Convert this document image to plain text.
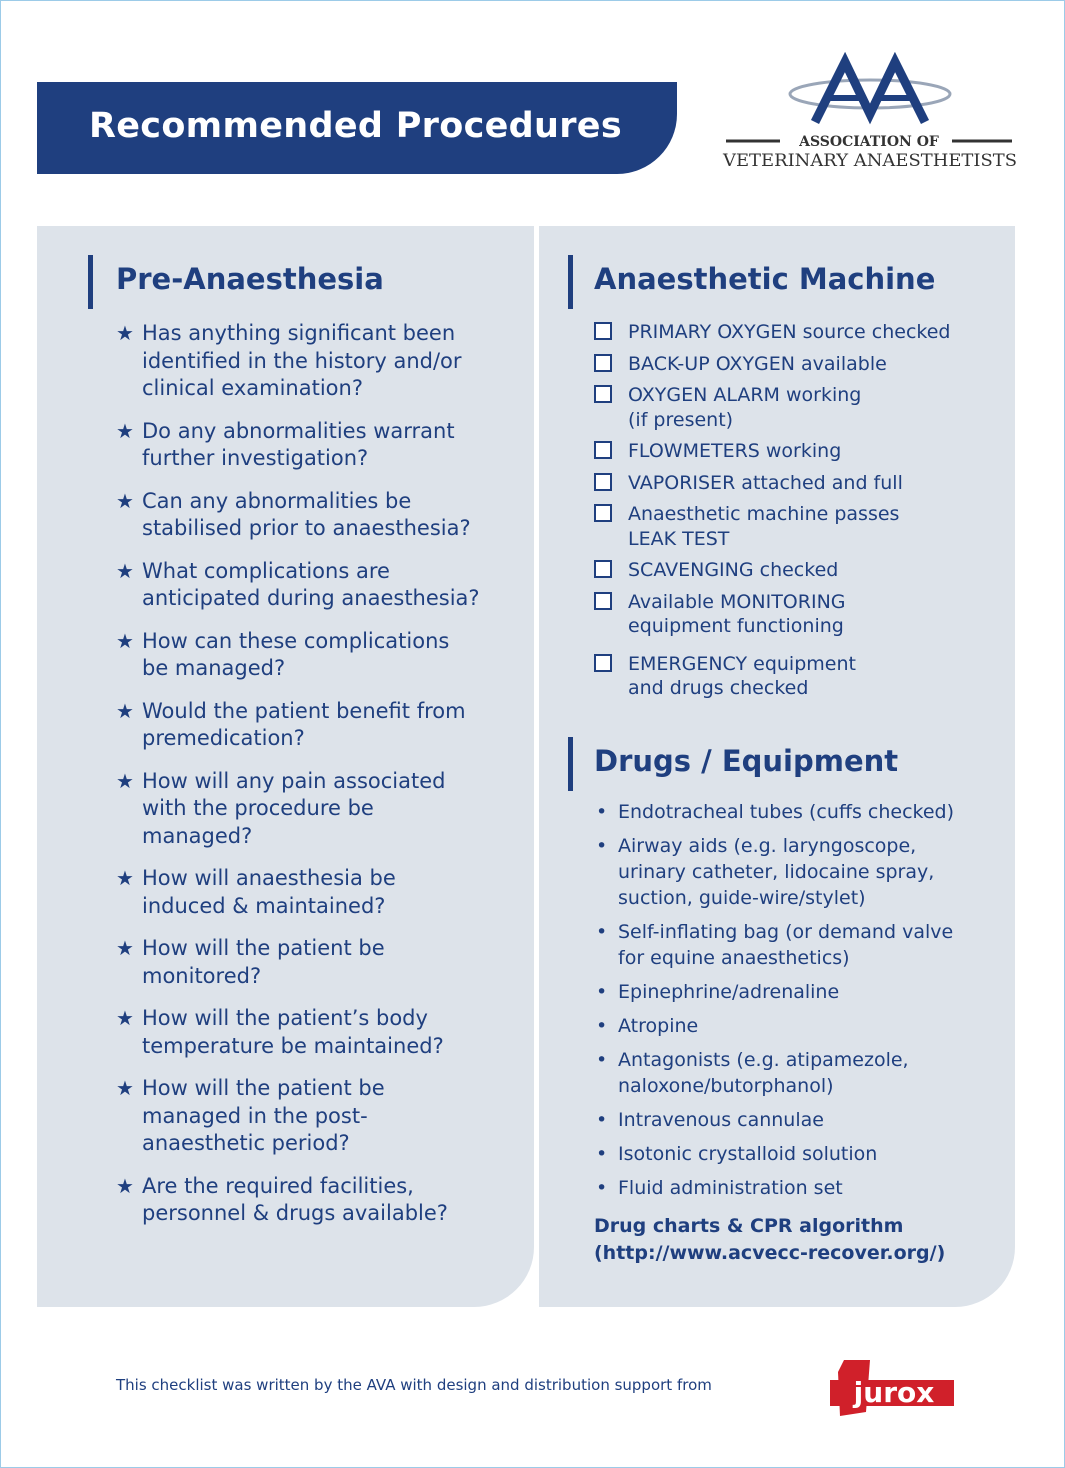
Recommended Procedures	ASSOCIATION OF
VETERINARY ANAESTHETISTS
Pre-Anaesthesia	Anaesthetic Machine
Drugs / Equipment
★ Has anything significant been
identified in the history and/or
clinical examination?
★ Do any abnormalities warrant
further investigation?
★ Can any abnormalities be
stabilised prior to anaesthesia?
★ What complications are
anticipated during anaesthesia?
★ How can these complications
be managed?
★ Would the patient benefit from
premedication?
★ How will any pain associated
with the procedure be
managed?
★ How will anaesthesia be
induced & maintained?
★ How will the patient be
monitored?
★ How will the patient’s body
temperature be maintained?
★ How will the patient be
managed in the post-
anaesthetic period?
★ Are the required facilities,
personnel & drugs available?
PRIMARY OXYGEN source checked
BACK-UP OXYGEN available
OXYGEN ALARM working
(if present)
FLOWMETERS working
VAPORISER attached and full
Anaesthetic machine passes
LEAK TEST
SCAVENGING checked
Available MONITORING
equipment functioning
EMERGENCY equipment
and drugs checked
• Endotracheal tubes (cuffs checked)
• Airway aids (e.g. laryngoscope,
urinary catheter, lidocaine spray,
suction, guide-wire/stylet)
• Self-inflating bag (or demand valve
for equine anaesthetics)
• Epinephrine/adrenaline
• Atropine
• Antagonists (e.g. atipamezole,
naloxone/butorphanol)
• Intravenous cannulae
• Isotonic crystalloid solution
• Fluid administration set
Drug charts & CPR algorithm
(http://www.acvecc-recover.org/)
This checklist was written by the AVA with design and distribution support from	jurox
